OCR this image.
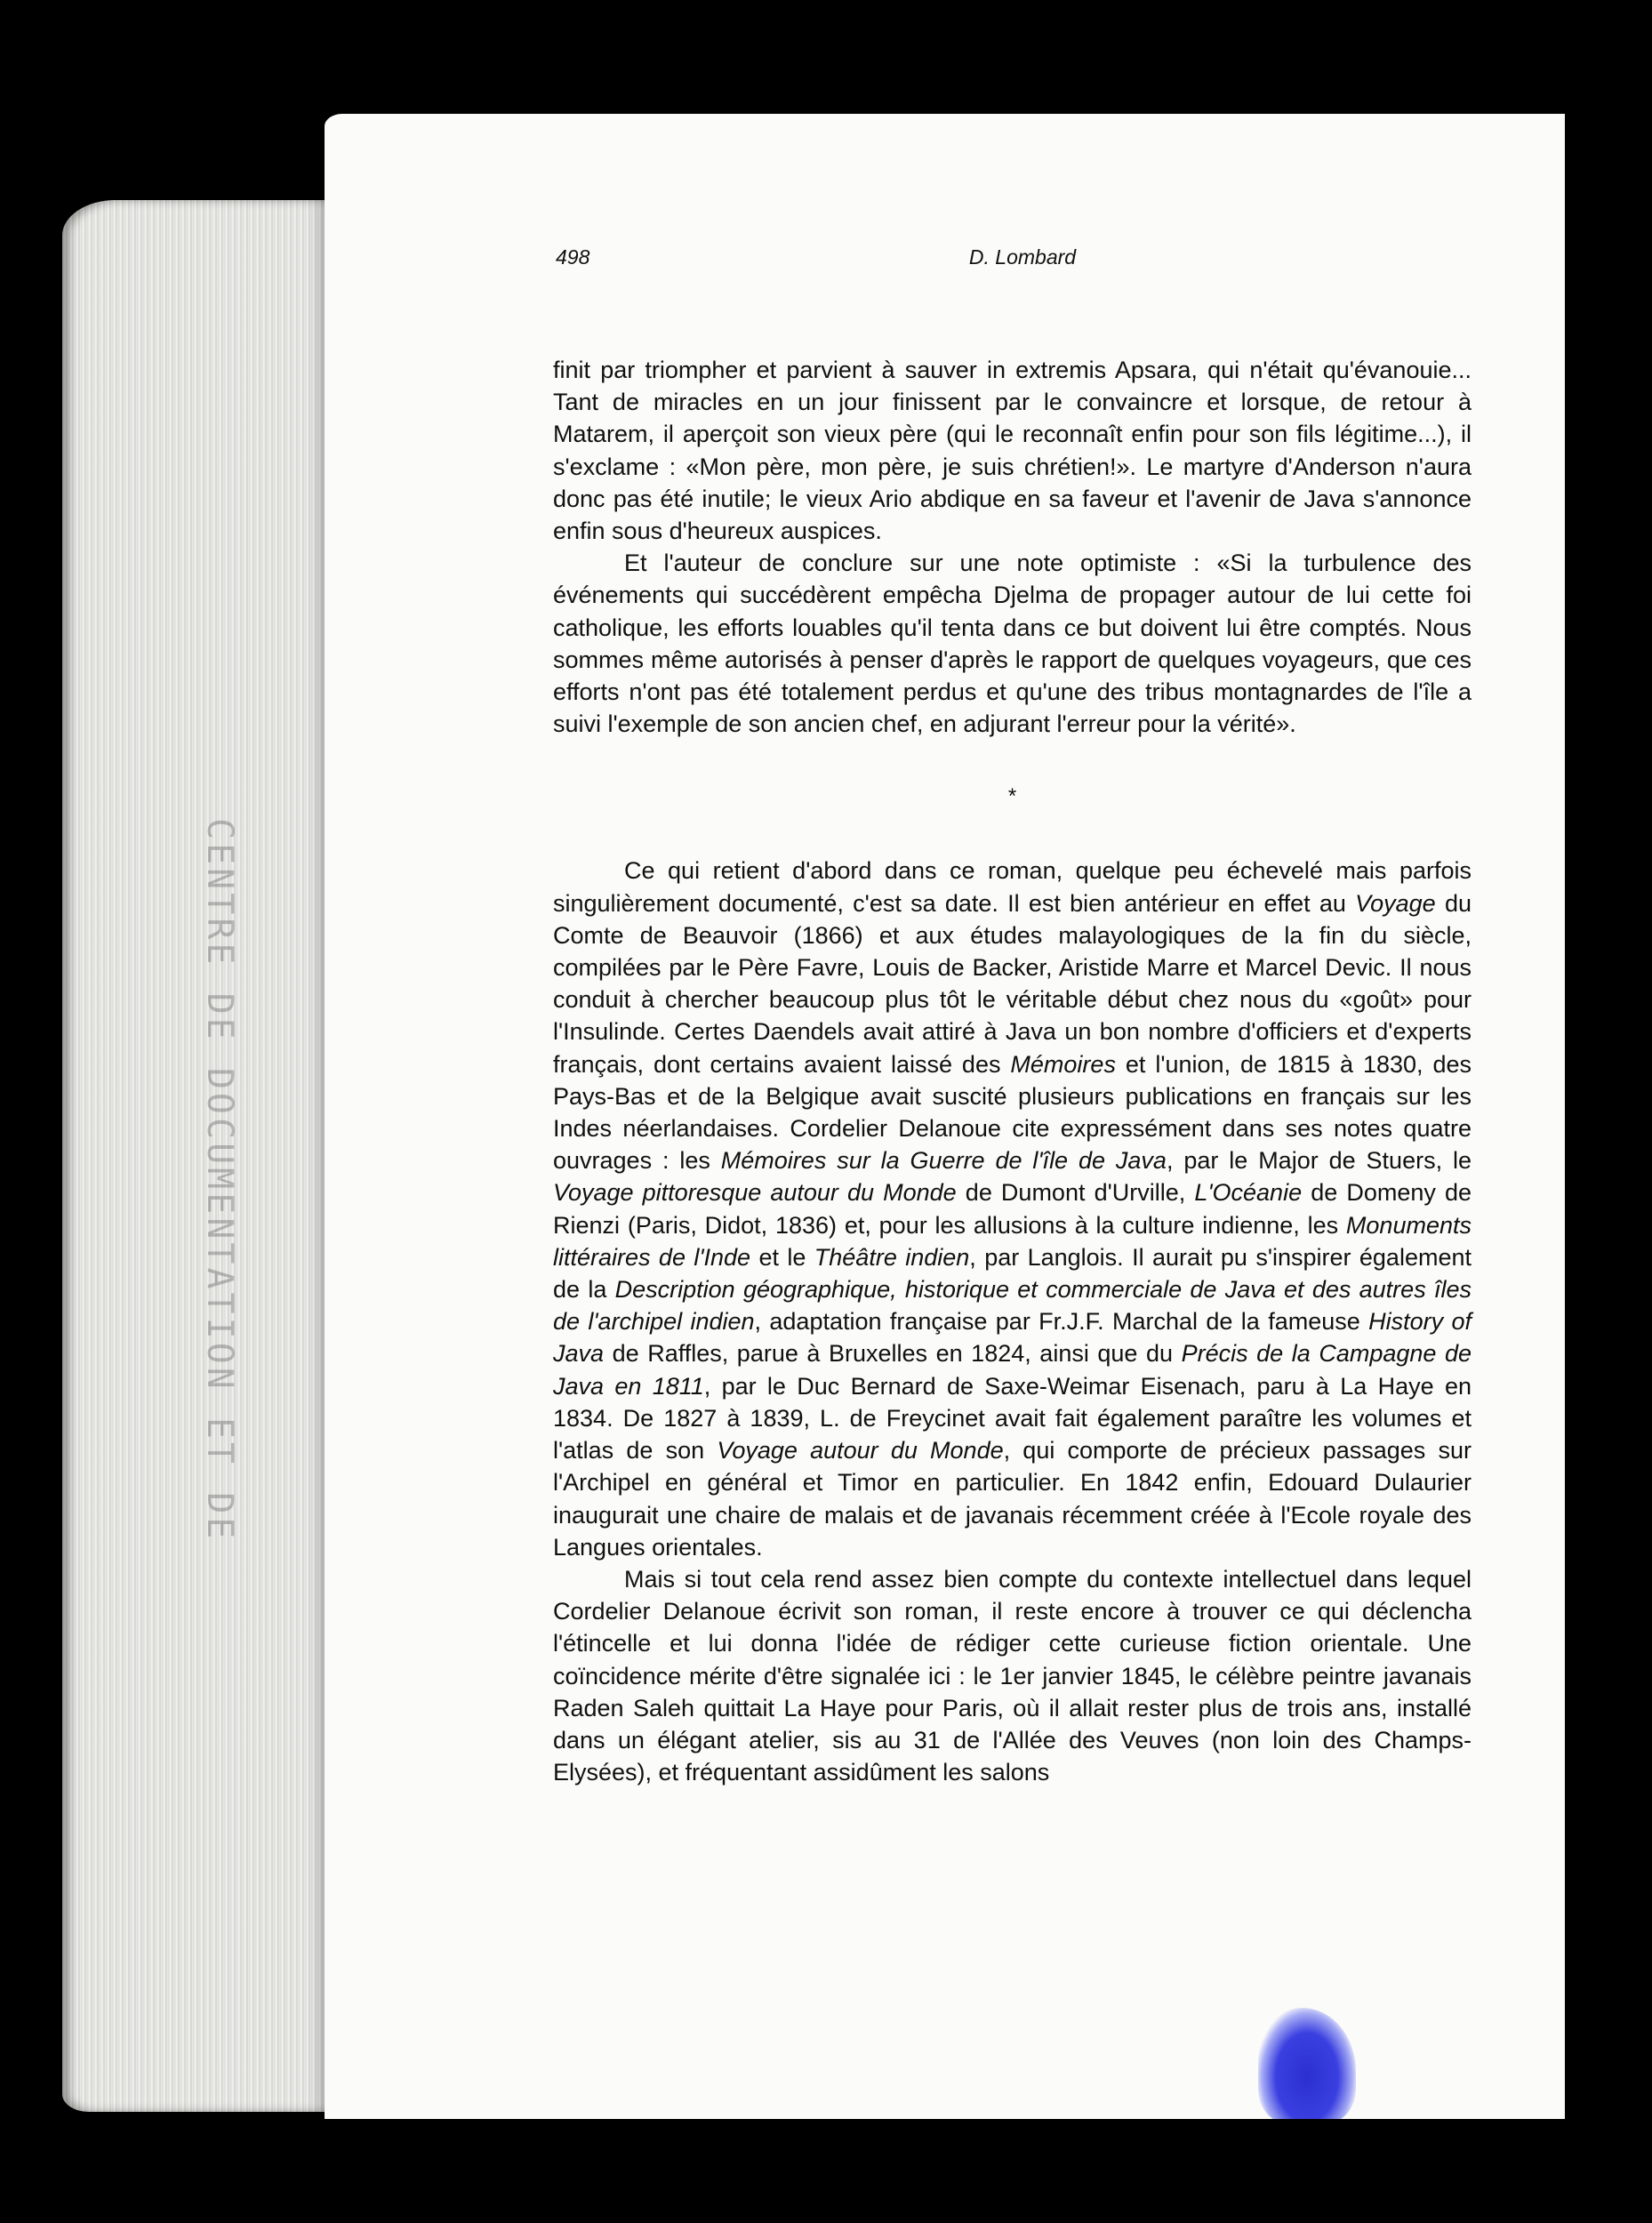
CENTRE DE DOCUMENTATION ET DE
498	D. Lombard

finit par triompher et parvient à sauver in extremis Apsara, qui n'était qu'évanouie... Tant de miracles en un jour finissent par le convaincre et lorsque, de retour à Matarem, il aperçoit son vieux père (qui le reconnaît enfin pour son fils légitime...), il s'exclame : «Mon père, mon père, je suis chrétien!». Le martyre d'Anderson n'aura donc pas été inutile; le vieux Ario abdique en sa faveur et l'avenir de Java s'annonce enfin sous d'heureux auspices.

Et l'auteur de conclure sur une note optimiste : «Si la turbulence des événements qui succédèrent empêcha Djelma de propager autour de lui cette foi catholique, les efforts louables qu'il tenta dans ce but doivent lui être comptés. Nous sommes même autorisés à penser d'après le rapport de quelques voyageurs, que ces efforts n'ont pas été totalement perdus et qu'une des tribus montagnardes de l'île a suivi l'exemple de son ancien chef, en adjurant l'erreur pour la vérité».

*

Ce qui retient d'abord dans ce roman, quelque peu échevelé mais parfois singulièrement documenté, c'est sa date. Il est bien antérieur en effet au Voyage du Comte de Beauvoir (1866) et aux études malayologiques de la fin du siècle, compilées par le Père Favre, Louis de Backer, Aristide Marre et Marcel Devic. Il nous conduit à chercher beaucoup plus tôt le véritable début chez nous du «goût» pour l'Insulinde. Certes Daendels avait attiré à Java un bon nombre d'officiers et d'experts français, dont certains avaient laissé des Mémoires et l'union, de 1815 à 1830, des Pays-Bas et de la Belgique avait suscité plusieurs publications en français sur les Indes néerlandaises. Cordelier Delanoue cite expressément dans ses notes quatre ouvrages : les Mémoires sur la Guerre de l'île de Java, par le Major de Stuers, le Voyage pittoresque autour du Monde de Dumont d'Urville, L'Océanie de Domeny de Rienzi (Paris, Didot, 1836) et, pour les allusions à la culture indienne, les Monuments littéraires de l'Inde et le Théâtre indien, par Langlois. Il aurait pu s'inspirer également de la Description géographique, historique et commerciale de Java et des autres îles de l'archipel indien, adaptation française par Fr.J.F. Marchal de la fameuse History of Java de Raffles, parue à Bruxelles en 1824, ainsi que du Précis de la Campagne de Java en 1811, par le Duc Bernard de Saxe-Weimar Eisenach, paru à La Haye en 1834. De 1827 à 1839, L. de Freycinet avait fait également paraître les volumes et l'atlas de son Voyage autour du Monde, qui comporte de précieux passages sur l'Archipel en général et Timor en particulier. En 1842 enfin, Edouard Dulaurier inaugurait une chaire de malais et de javanais récemment créée à l'Ecole royale des Langues orientales.

Mais si tout cela rend assez bien compte du contexte intellectuel dans lequel Cordelier Delanoue écrivit son roman, il reste encore à trouver ce qui déclencha l'étincelle et lui donna l'idée de rédiger cette curieuse fiction orientale. Une coïncidence mérite d'être signalée ici : le 1er janvier 1845, le célèbre peintre javanais Raden Saleh quittait La Haye pour Paris, où il allait rester plus de trois ans, installé dans un élégant atelier, sis au 31 de l'Allée des Veuves (non loin des Champs-Elysées), et fréquentant assidûment les salons
